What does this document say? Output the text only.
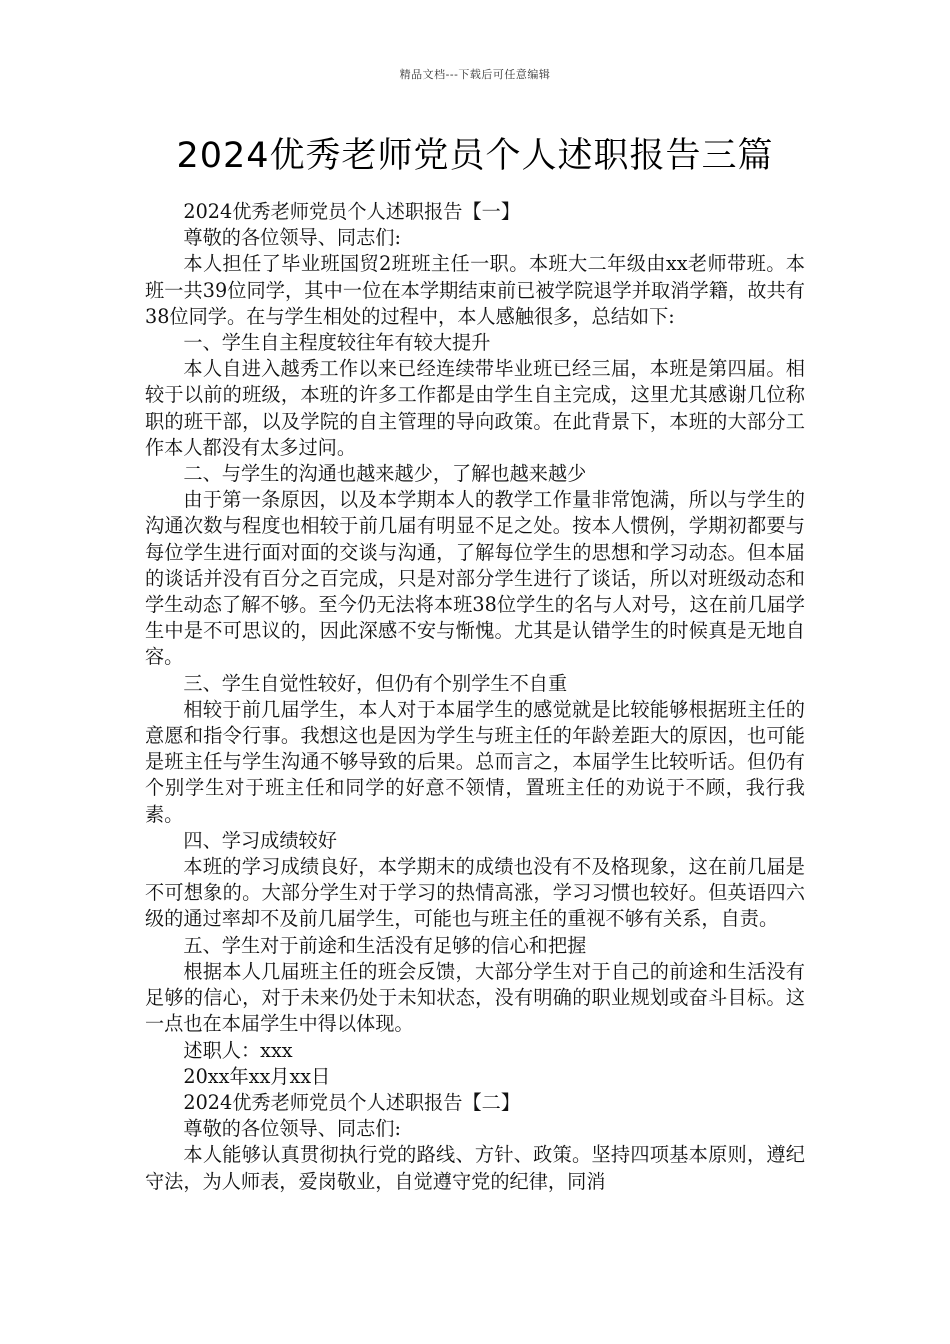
精品文档---下载后可任意编辑
2024优秀老师党员个人述职报告三篇

2024优秀老师党员个人述职报告【一】

尊敬的各位领导、同志们:

本人担任了毕业班国贸2班班主任一职。本班大二年级由xx老师带班。本班一共39位同学，其中一位在本学期结束前已被学院退学并取消学籍，故共有38位同学。在与学生相处的过程中，本人感触很多，总结如下:

一、学生自主程度较往年有较大提升

本人自进入越秀工作以来已经连续带毕业班已经三届，本班是第四届。相较于以前的班级，本班的许多工作都是由学生自主完成，这里尤其感谢几位称职的班干部，以及学院的自主管理的导向政策。在此背景下，本班的大部分工作本人都没有太多过问。

二、与学生的沟通也越来越少，了解也越来越少

由于第一条原因，以及本学期本人的教学工作量非常饱满，所以与学生的沟通次数与程度也相较于前几届有明显不足之处。按本人惯例，学期初都要与每位学生进行面对面的交谈与沟通，了解每位学生的思想和学习动态。但本届的谈话并没有百分之百完成，只是对部分学生进行了谈话，所以对班级动态和学生动态了解不够。至今仍无法将本班38位学生的名与人对号，这在前几届学生中是不可思议的，因此深感不安与惭愧。尤其是认错学生的时候真是无地自容。

三、学生自觉性较好，但仍有个别学生不自重

相较于前几届学生，本人对于本届学生的感觉就是比较能够根据班主任的意愿和指令行事。我想这也是因为学生与班主任的年龄差距大的原因，也可能是班主任与学生沟通不够导致的后果。总而言之，本届学生比较听话。但仍有个别学生对于班主任和同学的好意不领情，置班主任的劝说于不顾，我行我素。

四、学习成绩较好

本班的学习成绩良好，本学期末的成绩也没有不及格现象，这在前几届是不可想象的。大部分学生对于学习的热情高涨，学习习惯也较好。但英语四六级的通过率却不及前几届学生，可能也与班主任的重视不够有关系，自责。

五、学生对于前途和生活没有足够的信心和把握

根据本人几届班主任的班会反馈，大部分学生对于自己的前途和生活没有足够的信心，对于未来仍处于未知状态，没有明确的职业规划或奋斗目标。这一点也在本届学生中得以体现。

述职人：xxx

20xx年xx月xx日

2024优秀老师党员个人述职报告【二】

尊敬的各位领导、同志们:

本人能够认真贯彻执行党的路线、方针、政策。坚持四项基本原则，遵纪守法，为人师表，爱岗敬业，自觉遵守党的纪律，同消
